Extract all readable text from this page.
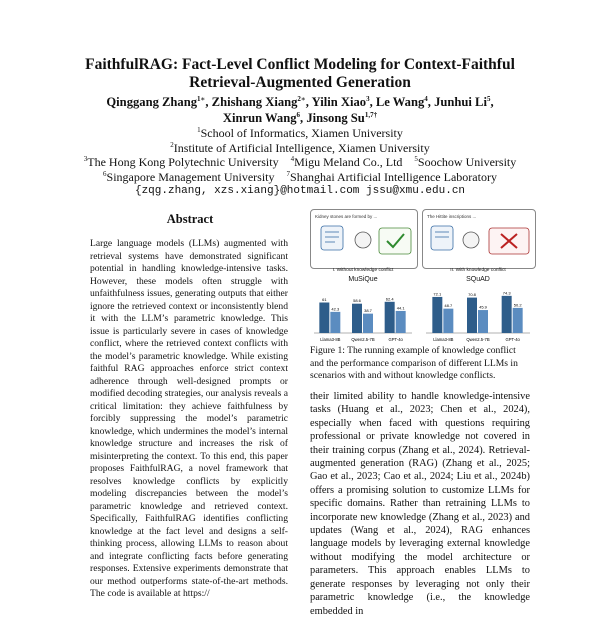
FaithfulRAG: Fact-Level Conflict Modeling for Context-Faithful
Retrieval-Augmented Generation
Qinggang Zhang$^{1∗}$, Zhishang Xiang$^{2∗}$, Yilin Xiao$^3$, Le Wang$^4$, Junhui Li$^5$,
Xinrun Wang$^6$, Jinsong $Su^{1,7\dagger}$
$^1$School of Informatics, Xiamen University
$^2$Institute of Artificial Intelligence, Xiamen University
$^3$The Hong Kong Polytechnic University $^4$Migu Meland Co., Ltd $^5$Soochow University
$^6$Singapore Management University $^7$Shanghai Artificial Intelligence Laboratory
{zqg.zhang, xzs.xiang}@hotmail.com jssu@xmu.edu.cn
Abstract
Large language models (LLMs) augmented with retrieval systems have demonstrated significant potential in handling knowledge-intensive tasks. However, these models often struggle with unfaithfulness issues, generating outputs that either ignore the retrieved context or inconsistently blend it with the LLM’s parametric knowledge. This issue is particularly severe in cases of knowledge conflict, where the retrieved context conflicts with the model’s parametric knowledge. While existing faithful RAG approaches enforce strict context adherence through well-designed prompts or modified decoding strategies, our analysis reveals a critical limitation: they achieve faithfulness by forcibly suppressing the model’s parametric knowledge, which undermines the model’s internal knowledge structure and increases the risk of misinterpreting the context. To this end, this paper proposes FaithfulRAG, a novel framework that resolves knowledge conflicts by explicitly modeling discrepancies between the model’s parametric knowledge and retrieved context. Specifically, FaithfulRAG identifies conflicting knowledge at the fact level and designs a self-thinking process, allowing LLMs to reason about and integrate conflicting facts before generating responses. Extensive experiments demonstrate that our method outperforms state-of-the-art methods. The code is available at https://
Kidney stones are formed by ...	The Hittite inscriptions ...
I. Without knowledge conflict	II. With knowledge conflict
MuSiQue	SQuAD
61
42.3
Llama3-8B
58.6
38.7
Qwen2.5-7B
62.4
44.1
GPT-4o
72.1
48.7
Llama3-8B
70.8
45.9
Qwen2.5-7B
74.3
50.2
GPT-4o
Figure 1: The running example of knowledge conflict and the performance comparison of different LLMs in scenarios with and without knowledge conflicts.
their limited ability to handle knowledge-intensive tasks (Huang et al., 2023; Chen et al., 2024), especially when faced with questions requiring professional or private knowledge not covered in their training corpus (Zhang et al., 2024). Retrieval-augmented generation (RAG) (Zhang et al., 2025; Gao et al., 2023; Cao et al., 2024; Liu et al., 2024b) offers a promising solution to customize LLMs for specific domains. Rather than retraining LLMs to incorporate new knowledge (Zhang et al., 2023) and updates (Wang et al., 2024), RAG enhances language models by leveraging external knowledge without modifying the model architecture or parameters. This approach enables LLMs to generate responses by leveraging not only their parametric knowledge (i.e., the knowledge embedded in
